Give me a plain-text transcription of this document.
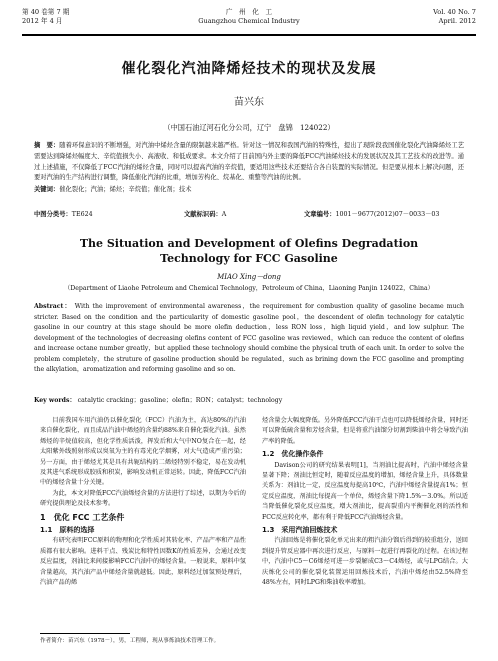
第 40 卷第 7 期
2012 年 4 月
广　州　化　工
Guangzhou Chemical Industry
Vol. 40 No. 7
April. 2012
催化裂化汽油降烯烃技术的现状及发展
苗兴东
（中国石油辽河石化分公司，辽宁　盘锦　124022）
摘　要：随着环保意识的不断增强，对汽油中烯烃含量的限制越来越严格。针对这一情况和我国汽油的特殊性，提出了现阶段我国催化裂化汽油降烯烃工艺需要达到降烯烃幅度大、辛烷值损失小、高液收、和低成要求。本文介绍了目前国内外主要的降低FCC汽油烯烃技术的发展状况及其工艺技术的改进等。通过上述措施，不仅降低了FCC汽油的烯烃含量，同时可以提高汽油的辛烷值，要适用这些技术还要结合各自装置的实际情况。但是要从根本上解决问题，还要对汽油的生产结构进行调整，降低催化汽油的比重，增加芳构化、烷基化、重整等汽油的比例。
关键词：催化裂化；汽油；烯烃；辛烷值；催化剂；技术
中图分类号：TE624	文献标识码：A	文章编号：1001－9677(2012)07－0033－03
The Situation and Development of Olefins Degradation
Technology for FCC Gasoline
MIAO Xing－dong
（Department of Liaohe Petroleum and Chemical Technology，Petroleum of China，Liaoning Panjin 124022，China）
Abstract： With the improvement of environmental awareness，the requirement for combustion quality of gasoline became much stricter. Based on the condition and the particularity of domestic gasoline pool，the descendent of olefin technology for catalytic gasoline in our country at this stage should be more olefin deduction，less RON loss，high liquid yield，and low sulphur. The development of the technologies of decreasing olefins content of FCC gasoline was reviewed，which can reduce the content of olefins and increase octane number greatly，but applied these technology should combine the physical truth of each unit. In order to solve the problem completely，the struture of gasoline production should be regulated，such as brining down the FCC gasoline and prompting the alkylation，aromatization and reforming gasoline and so on.
Key words： catalytic cracking；gasoline；olefin；RON；catalyst；technology

目前我国车用汽油仍以催化裂化（FCC）汽油为主，高达80%的汽油来自催化裂化，而且成品汽油中烯烃的含量约88%来自催化裂化汽油。虽然烯烃的辛烷值较高，但化学性质活泼，挥发后和大气中NO复合在一起，经太阳紫外线照射形成以臭氧为主的有毒光化学烟雾，对大气造成严重污染；另一方面，由于烯烃尤其是具有共轭结构的二烯烃特别不稳定，易在发动机及其进气系统形成胶质和积炭，影响发动机正常运转。因此，降低FCC汽油中的烯烃含量十分关键。

为此，本文对降低FCC汽油烯烃含量的方法进行了综述，以期为今后的研究提供理论及技术参考。

1　优化 FCC 工艺条件
1.1　原料的选择

有研究表明FCC原料的物理和化学性质对其转化率、产品产率和产品性质都有很大影响。进料干点、残炭比和特性因数K的性质差异，会通过改变反应温度，剂油比来间接影响FCC汽油中的烯烃含量。一般说来，原料中氢含量越高，其汽油产品中烯烃含量就越低。因此，原料经过加氢预处理后，汽油产品的烯

烃含量会大幅度降低。另外降低FCC汽油干点也可以降低烯烃含量，同时还可以降低硫含量和芳烃含量，但是将重汽油馏分切割到柴油中将会导致汽油产率的降低。

1.2　优化操作条件

Davison公司的研究结果表明[1]，当剂油比提高时，汽油中烯烃含量显著下降；剂油比恒定时，随着反应温度的增加，烯烃含量上升，具体数量关系为：剂油比一定，反应温度每提高10℃，汽油中烯烃含量提高1%；恒定反应温度，剂油比每提高一个单位，烯烃含量下降1.5%～3.0%。所以适当降低催化裂化反应温度，增大剂油比，提高裂重内平衡催化剂的活性和FCC反应转化率，都有利于降低FCC汽油烯烃含量。

1.3　采用汽油回炼技术

汽油回炼是将催化裂化单元出来的粗汽油分馏后得到的较重组分，送回到提升管反应器中再次进行反应，与原料一起进行再裂化的过程。在该过程中，汽油中C5～C6烯烃可进一步裂解成C3～C4烯烃，或与LPG结合。大庆炼化公司的催化裂化装置运用回炼技术后，汽油中烯烃由52.5%降至48%左右，同时LPG和柴油收率增加。

作者简介：苗兴东（1978－），男，工程师，现从事炼油技术管理工作。
